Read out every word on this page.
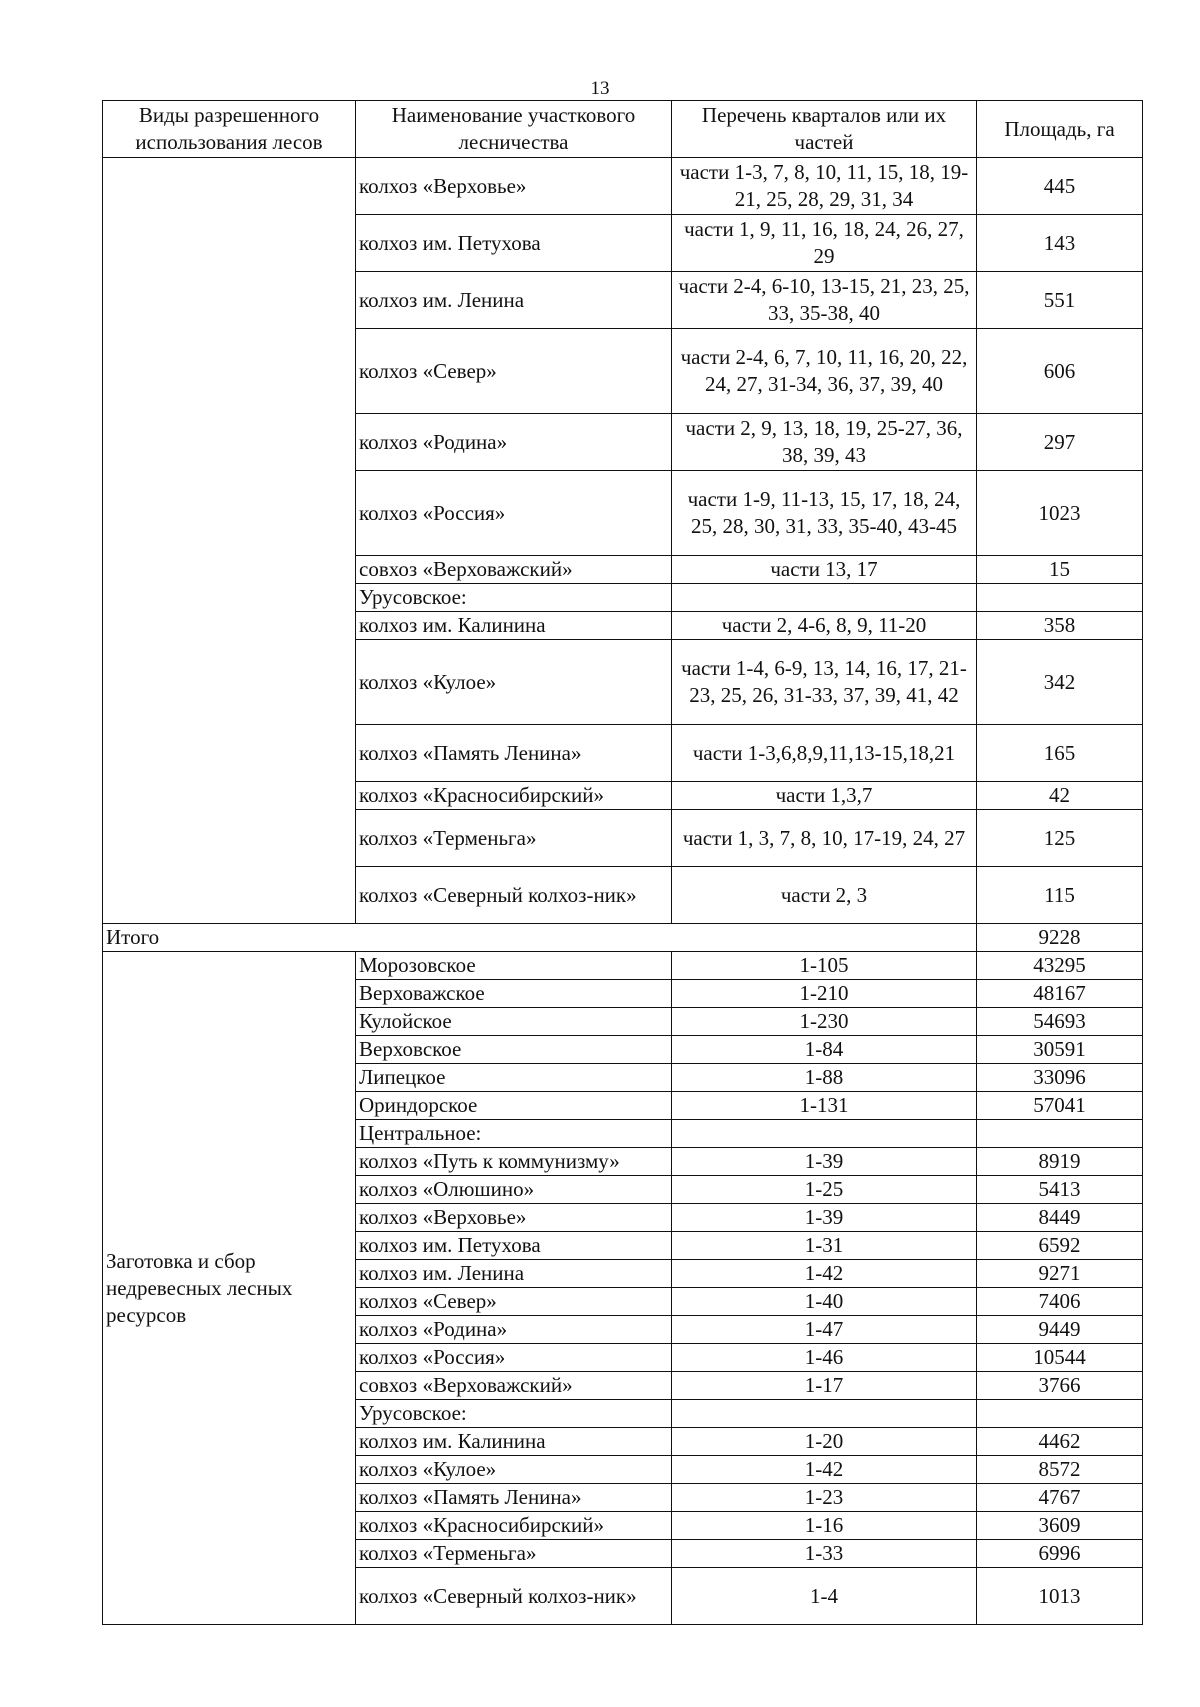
13
Виды разрешенного использования лесов	Наименование участкового лесничества	Перечень кварталов или их частей	Площадь, га
	колхоз «Верховье»	части 1-3, 7, 8, 10, 11, 15, 18, 19-21, 25, 28, 29, 31, 34	445
	колхоз им. Петухова	части 1, 9, 11, 16, 18, 24, 26, 27, 29	143
	колхоз им. Ленина	части 2-4, 6-10, 13-15, 21, 23, 25, 33, 35-38, 40	551
	колхоз «Север»	части 2-4, 6, 7, 10, 11, 16, 20, 22, 24, 27, 31-34, 36, 37, 39, 40	606
	колхоз «Родина»	части 2, 9, 13, 18, 19, 25-27, 36, 38, 39, 43	297
	колхоз «Россия»	части 1-9, 11-13, 15, 17, 18, 24, 25, 28, 30, 31, 33, 35-40, 43-45	1023
	совхоз «Верховажский»	части 13, 17	15
	Урусовское:		
	колхоз им. Калинина	части 2, 4-6, 8, 9, 11-20	358
	колхоз «Кулое»	части 1-4, 6-9, 13, 14, 16, 17, 21-23, 25, 26, 31-33, 37, 39, 41, 42	342
	колхоз «Память Ленина»	части 1-3,6,8,9,11,13-15,18,21	165
	колхоз «Красносибирский»	части 1,3,7	42
	колхоз «Терменьга»	части 1, 3, 7, 8, 10, 17-19, 24, 27	125
	колхоз «Северный колхоз-ник»	части 2, 3	115
Итого			9228
Заготовка и сбор недревесных лесных ресурсов	Морозовское	1-105	43295
	Верховажское	1-210	48167
	Кулойское	1-230	54693
	Верховское	1-84	30591
	Липецкое	1-88	33096
	Ориндорское	1-131	57041
	Центральное:		
	колхоз «Путь к коммунизму»	1-39	8919
	колхоз «Олюшино»	1-25	5413
	колхоз «Верховье»	1-39	8449
	колхоз им. Петухова	1-31	6592
	колхоз им. Ленина	1-42	9271
	колхоз «Север»	1-40	7406
	колхоз «Родина»	1-47	9449
	колхоз «Россия»	1-46	10544
	совхоз «Верховажский»	1-17	3766
	Урусовское:		
	колхоз им. Калинина	1-20	4462
	колхоз «Кулое»	1-42	8572
	колхоз «Память Ленина»	1-23	4767
	колхоз «Красносибирский»	1-16	3609
	колхоз «Терменьга»	1-33	6996
	колхоз «Северный колхоз-ник»	1-4	1013
